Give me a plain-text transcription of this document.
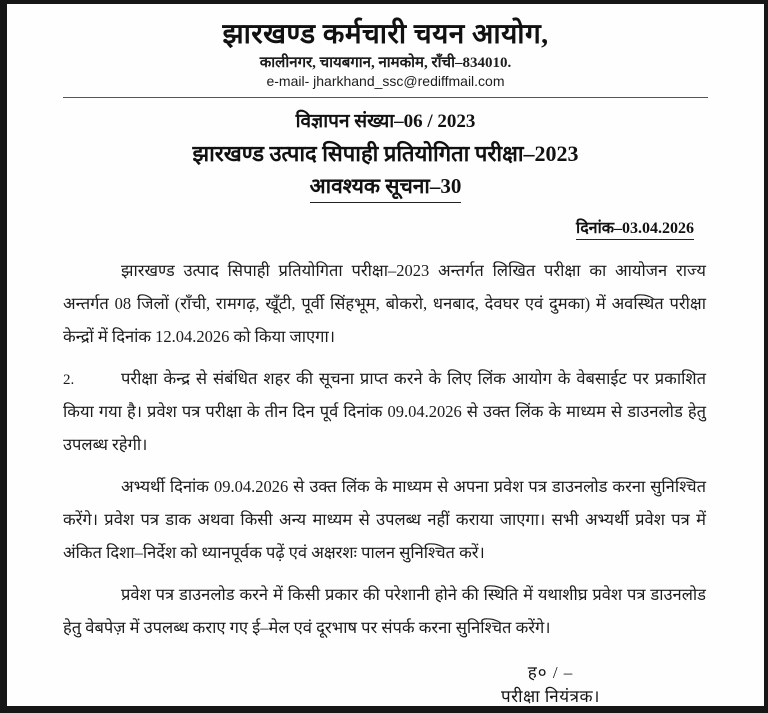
झारखण्ड कर्मचारी चयन आयोग,
कालीनगर, चायबगान, नामकोम, राँची–834010.
e-mail- jharkhand_ssc@rediffmail.com
विज्ञापन संख्या–06 / 2023
झारखण्ड उत्पाद सिपाही प्रतियोगिता परीक्षा–2023
आवश्यक सूचना–30
दिनांक–03.04.2026

झारखण्ड उत्पाद सिपाही प्रतियोगिता परीक्षा–2023 अन्तर्गत लिखित परीक्षा का आयोजन राज्य अन्तर्गत 08 जिलों (राँची, रामगढ़, खूँटी, पूर्वी सिंहभूम, बोकरो, धनबाद, देवघर एवं दुमका) में अवस्थित परीक्षा केन्द्रों में दिनांक 12.04.2026 को किया जाएगा।

2.	परीक्षा केन्द्र से संबंधित शहर की सूचना प्राप्त करने के लिए लिंक आयोग के वेबसाईट पर प्रकाशित किया गया है। प्रवेश पत्र परीक्षा के तीन दिन पूर्व दिनांक 09.04.2026 से उक्त लिंक के माध्यम से डाउनलोड हेतु उपलब्ध रहेगी।

अभ्यर्थी दिनांक 09.04.2026 से उक्त लिंक के माध्यम से अपना प्रवेश पत्र डाउनलोड करना सुनिश्चित करेंगे। प्रवेश पत्र डाक अथवा किसी अन्य माध्यम से उपलब्ध नहीं कराया जाएगा। सभी अभ्यर्थी प्रवेश पत्र में अंकित दिशा–निर्देश को ध्यानपूर्वक पढ़ें एवं अक्षरशः पालन सुनिश्चित करें।

प्रवेश पत्र डाउनलोड करने में किसी प्रकार की परेशानी होने की स्थिति में यथाशीघ्र प्रवेश पत्र डाउनलोड हेतु वेबपेज़ में उपलब्ध कराए गए ई–मेल एवं दूरभाष पर संपर्क करना सुनिश्चित करेंगे।

ह० / –
परीक्षा नियंत्रक।
